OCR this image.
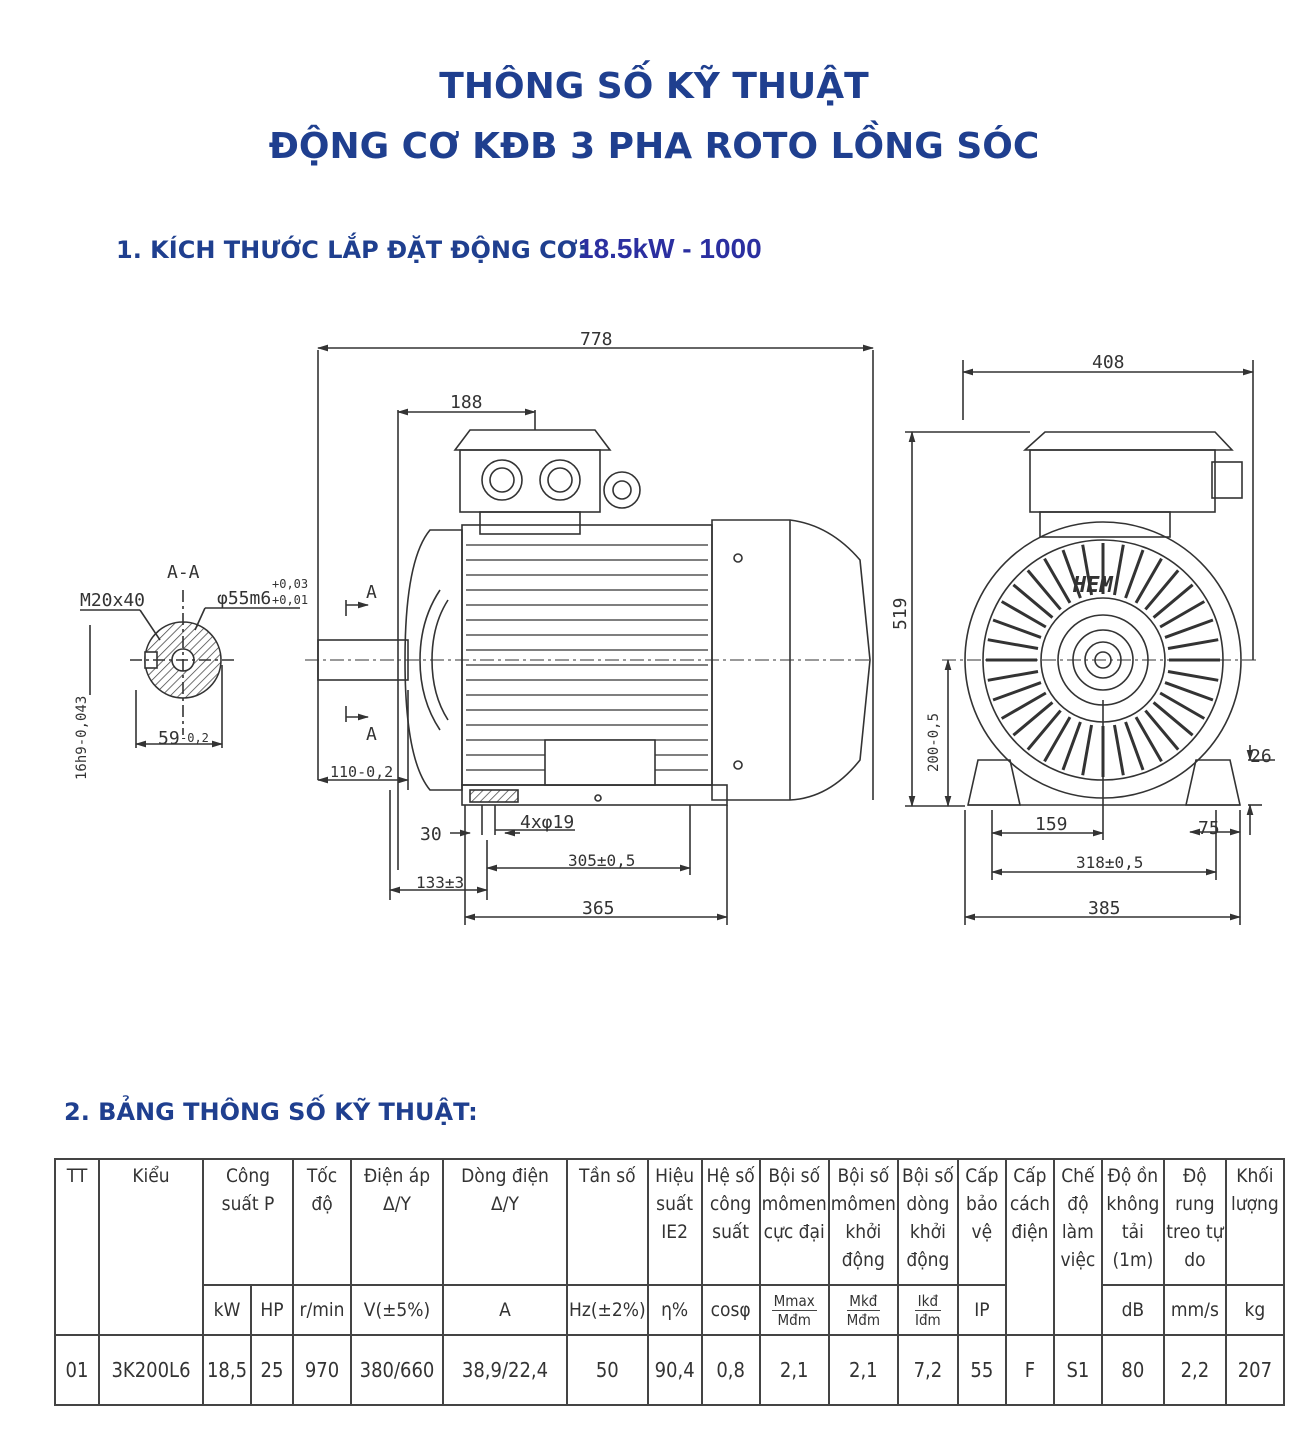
THÔNG SỐ KỸ THUẬT
ĐỘNG CƠ KĐB 3 PHA ROTO LỒNG SÓC
1. KÍCH THƯỚC LẮP ĐẶT ĐỘNG CƠ:
18.5kW - 1000
A-A
M20x40	φ55m6
+0,03
+0,01
59 -0,2
16h9-0,043
778
188
A
A
110-0,2
4xφ19
30
305±0,5
133±3
365
408
519
200-0,5	26
159	75
318±0,5
385
HEM
2. BẢNG THÔNG SỐ KỸ THUẬT:
TT	Kiểu	Công suất P		Tốc độ	Điện áp Δ/Y	Dòng điện Δ/Y	Tần số	Hiệu suất IE2	Hệ số công suất	Bội số mômen cực đại	Bội số mômen khởi động	Bội số dòng khởi động	Cấp bảo vệ	Cấp cách điện	Chế độ làm việc	Độ ồn không tải (1m)	Độ rung treo tự do	Khối lượng
		kW	HP	r/min	V(±5%)	A	Hz(±2%)	η%	cosφ	$\frac{Mmax}{\text{Mđm}}$	$\frac{\text{Mkđ}}{\text{Mđm}}$	$\frac{\text{Ikđ}}{\text{Iđm}}$	IP			dB	mm/s	kg
01	3K200L6	18,5	25	970	380/660	38,9/22,4	50	90,4	0,8	2,1	2,1	7,2	55	F	S1	80	2,2	207
